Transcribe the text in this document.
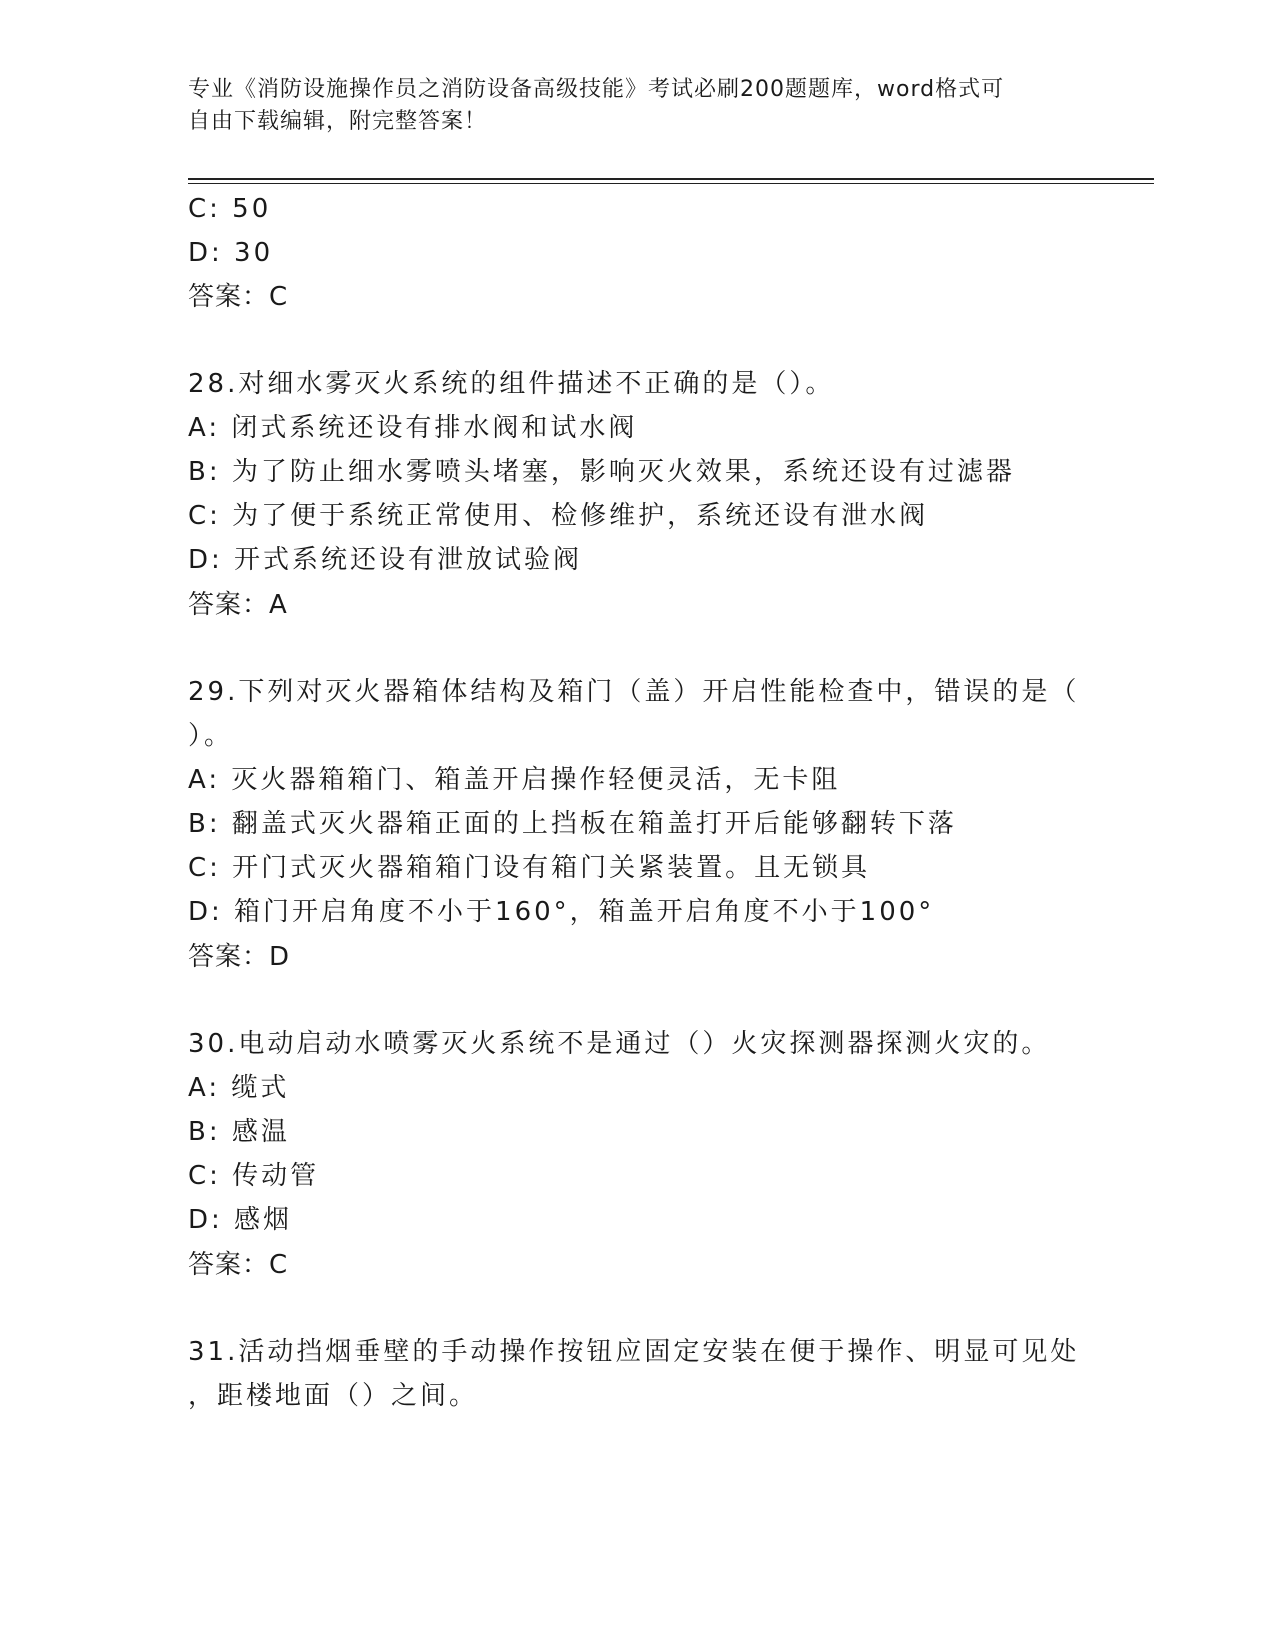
专业《消防设施操作员之消防设备高级技能》考试必刷200题题库，word格式可
自由下载编辑，附完整答案！
C: 50
D: 30
答案：C
28.对细水雾灭火系统的组件描述不正确的是（）。
A: 闭式系统还设有排水阀和试水阀
B: 为了防止细水雾喷头堵塞，影响灭火效果，系统还设有过滤器
C: 为了便于系统正常使用、检修维护，系统还设有泄水阀
D: 开式系统还设有泄放试验阀
答案：A
29.下列对灭火器箱体结构及箱门（盖）开启性能检查中，错误的是（
）。
A: 灭火器箱箱门、箱盖开启操作轻便灵活，无卡阻
B: 翻盖式灭火器箱正面的上挡板在箱盖打开后能够翻转下落
C: 开门式灭火器箱箱门设有箱门关紧装置。且无锁具
D: 箱门开启角度不小于160°，箱盖开启角度不小于100°
答案：D
30.电动启动水喷雾灭火系统不是通过（）火灾探测器探测火灾的。
A: 缆式
B: 感温
C: 传动管
D: 感烟
答案：C
31.活动挡烟垂壁的手动操作按钮应固定安装在便于操作、明显可见处
，距楼地面（）之间。
